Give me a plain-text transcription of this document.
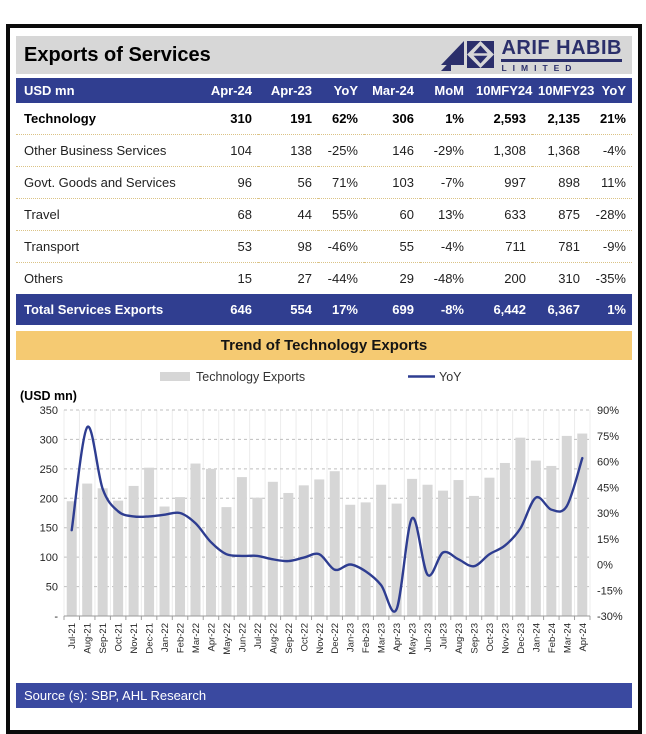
Exports of Services	ARIF HABIB
LIMITED
USD mn	Apr-24	Apr-23	YoY	Mar-24	MoM	10MFY24	10MFY23	YoY
Technology	310	191	62%	306	1%	2,593	2,135	21%
Other Business Services	104	138	-25%	146	-29%	1,308	1,368	-4%
Govt. Goods and Services	96	56	71%	103	-7%	997	898	11%
Travel	68	44	55%	60	13%	633	875	-28%
Transport	53	98	-46%	55	-4%	711	781	-9%
Others	15	27	-44%	29	-48%	200	310	-35%
Total Services Exports	646	554	17%	699	-8%	6,442	6,367	1%
Trend of Technology Exports
350
300
250
200
150
100
50
-
90%
75%
60%
45%
30%
15%
0%
-15%
-30%
Jul-21 Aug-21 Sep-21 Oct-21 Nov-21 Dec-21 Jan-22 Feb-22 Mar-22 Apr-22 May-22 Jun-22 Jul-22 Aug-22 Sep-22 Oct-22 Nov-22 Dec-22 Jan-23 Feb-23 Mar-23 Apr-23 May-23 Jun-23 Jul-23 Aug-23 Sep-23 Oct-23 Nov-23 Dec-23 Jan-24 Feb-24 Mar-24 Apr-24
Technology Exports	YoY
(USD mn)
Source (s): SBP, AHL Research
